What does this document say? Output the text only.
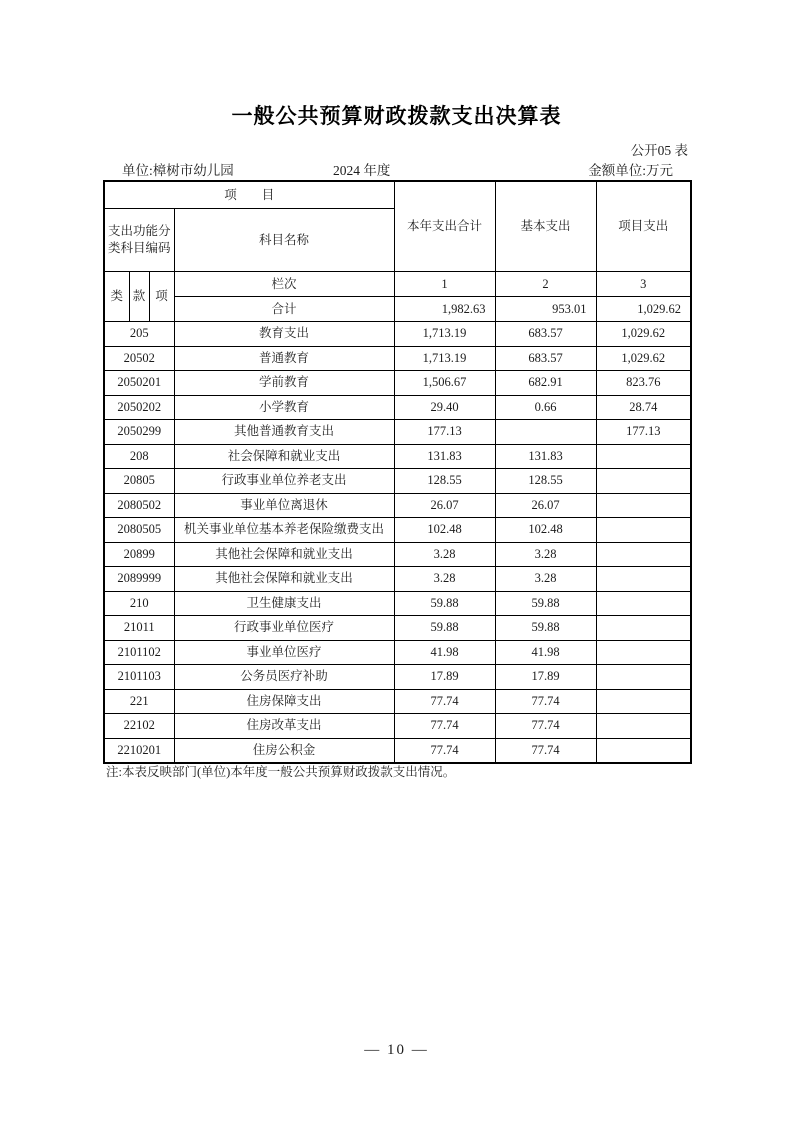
一般公共预算财政拨款支出决算表
公开05 表
单位:樟树市幼儿园	2024 年度	金额单位:万元
项　　目				本年支出合计	基本支出	项目支出
支出功能分类科目编码			科目名称			
类	款	项	栏次	1	2	3
			合计	1,982.63	953.01	1,029.62
205			教育支出	1,713.19	683.57	1,029.62
20502			普通教育	1,713.19	683.57	1,029.62
2050201			学前教育	1,506.67	682.91	823.76
2050202			小学教育	29.40	0.66	28.74
2050299			其他普通教育支出	177.13		177.13
208			社会保障和就业支出	131.83	131.83	
20805			行政事业单位养老支出	128.55	128.55	
2080502			事业单位离退休	26.07	26.07	
2080505			机关事业单位基本养老保险缴费支出	102.48	102.48	
20899			其他社会保障和就业支出	3.28	3.28	
2089999			其他社会保障和就业支出	3.28	3.28	
210			卫生健康支出	59.88	59.88	
21011			行政事业单位医疗	59.88	59.88	
2101102			事业单位医疗	41.98	41.98	
2101103			公务员医疗补助	17.89	17.89	
221			住房保障支出	77.74	77.74	
22102			住房改革支出	77.74	77.74	
2210201			住房公积金	77.74	77.74	
注:本表反映部门(单位)本年度一般公共预算财政拨款支出情况。
— 10 —
